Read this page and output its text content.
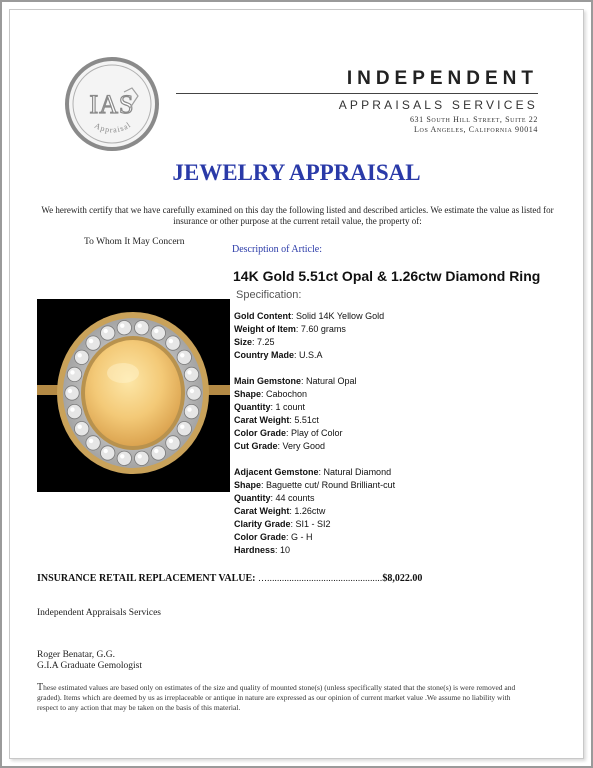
IAS
Appraisal
INDEPENDENT
APPRAISALS SERVICES
631 South Hill Street, Suite 22
Los Angeles, California 90014
JEWELRY APPRAISAL
We herewith certify that we have carefully examined on this day the following listed and described articles. We estimate the value as listed for insurance or other purpose at the current retail value, the property of:
To Whom It May Concern
Description of Article:
14K Gold 5.51ct Opal & 1.26ctw Diamond Ring
Specification:
Gold Content: Solid 14K Yellow Gold
Weight of Item: 7.60 grams
Size: 7.25
Country Made: U.S.A
Main Gemstone: Natural Opal
Shape: Cabochon
Quantity: 1 count
Carat Weight: 5.51ct
Color Grade: Play of Color
Cut Grade: Very Good
Adjacent Gemstone: Natural Diamond
Shape: Baguette cut/ Round Brilliant-cut
Quantity: 44 counts
Carat Weight: 1.26ctw
Clarity Grade: SI1 - SI2
Color Grade: G - H
Hardness: 10
INSURANCE RETAIL REPLACEMENT VALUE: …...............................................$8,022.00
Independent Appraisals Services
Roger Benatar, G.G.
G.I.A Graduate Gemologist
These estimated values are based only on estimates of the size and quality of mounted stone(s) (unless specifically stated that the stone(s) is were removed and graded). Items which are deemed by us as irreplaceable or antique in nature are expressed as our opinion of current market value .We assume no liability with respect to any action that may be taken on the basis of this material.
